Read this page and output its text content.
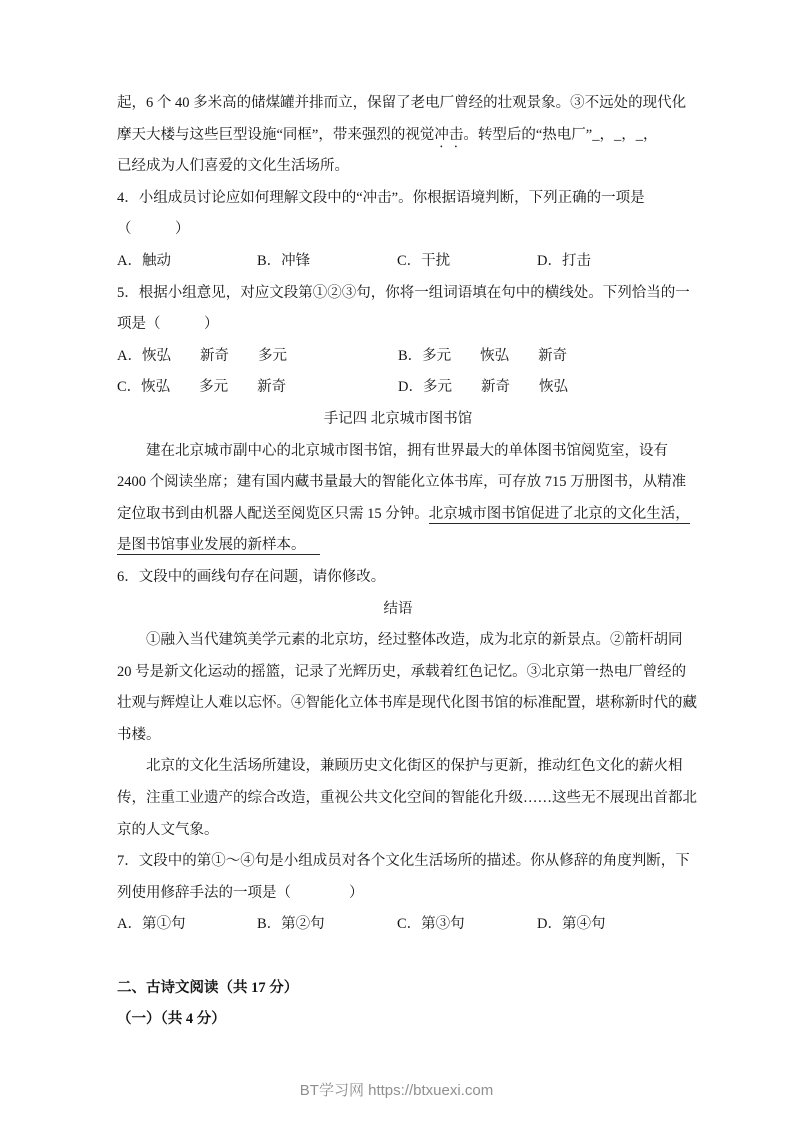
起，6 个 40 多米高的储煤罐并排而立，保留了老电厂曾经的壮观景象。③不远处的现代化
摩天大楼与这些巨型设施“同框”，带来强烈的视觉冲击。转型后的“热电厂”_，_，_，
已经成为人们喜爱的文化生活场所。
4．小组成员讨论应如何理解文段中的“冲击”。你根据语境判断，下列正确的一项是
（　　　）
A．触动	B．冲锋	C．干扰	D．打击
5．根据小组意见，对应文段第①②③句，你将一组词语填在句中的横线处。下列恰当的一
项是（　　　）
A．恢弘　　新奇　　多元	B．多元　　恢弘　　新奇
C．恢弘　　多元　　新奇	D．多元　　新奇　　恢弘
手记四 北京城市图书馆
　　建在北京城市副中心的北京城市图书馆，拥有世界最大的单体图书馆阅览室，设有
2400 个阅读坐席；建有国内藏书量最大的智能化立体书库，可存放 715 万册图书，从精准
定位取书到由机器人配送至阅览区只需 15 分钟。北京城市图书馆促进了北京的文化生活，
是图书馆事业发展的新样本。
6．文段中的画线句存在问题，请你修改。
结语
　　①融入当代建筑美学元素的北京坊，经过整体改造，成为北京的新景点。②箭杆胡同
20 号是新文化运动的摇篮，记录了光辉历史，承载着红色记忆。③北京第一热电厂曾经的
壮观与辉煌让人难以忘怀。④智能化立体书库是现代化图书馆的标准配置，堪称新时代的藏
书楼。
　　北京的文化生活场所建设，兼顾历史文化街区的保护与更新，推动红色文化的薪火相
传，注重工业遗产的综合改造，重视公共文化空间的智能化升级……这些无不展现出首都北
京的人文气象。
7．文段中的第①～④句是小组成员对各个文化生活场所的描述。你从修辞的角度判断，下
列使用修辞手法的一项是（　　　　）
A．第①句	B．第②句	C．第③句	D．第④句
二、古诗文阅读（共 17 分）
（一）（共 4 分）
BT学习网 https://btxuexi.com
